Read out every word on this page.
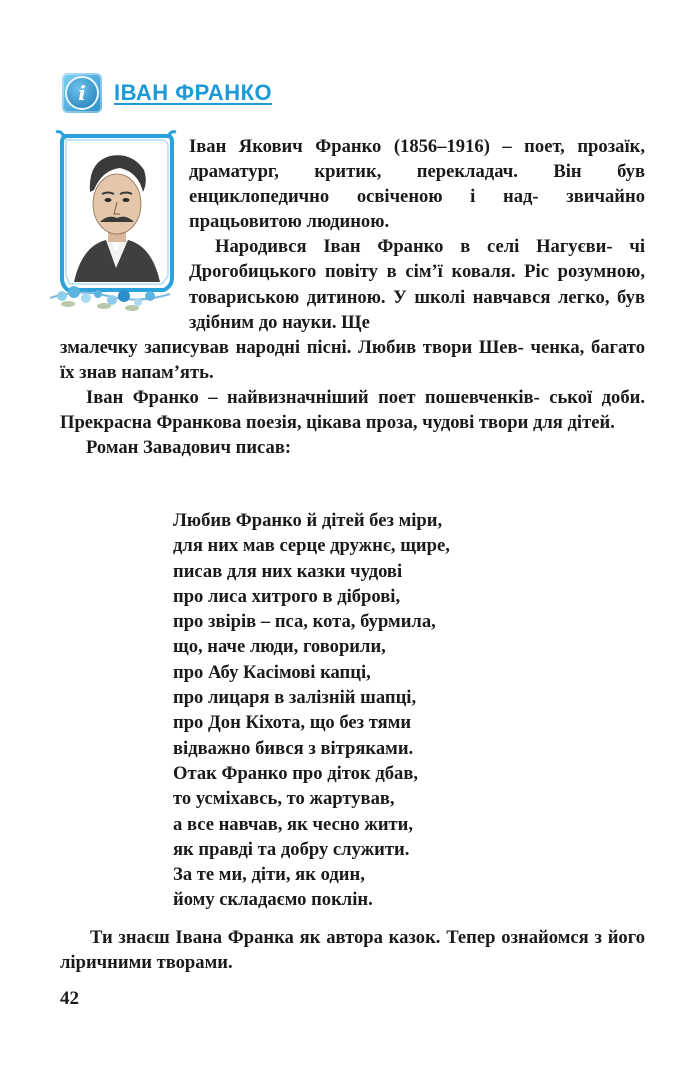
i	ІВАН ФРАНКО

Іван Якович Франко (1856–1916) – поет, прозаїк, драматург, критик, перекладач. Він був енциклопедично освіченою і над- звичайно працьовитою людиною.

Народився Іван Франко в селі Нагуєви- чі Дрогобицького повіту в сім’ї коваля. Ріс розумною, товариською дитиною. У школі навчався легко, був здібним до науки. Ще

змалечку записував народні пісні. Любив твори Шев- ченка, багато їх знав напам’ять.

Іван Франко – найвизначніший поет пошевченків- ської доби. Прекрасна Франкова поезія, цікава проза, чудові твори для дітей.

Роман Завадович писав:

Любив Франко й дітей без міри,
для них мав серце дружнє, щире,
писав для них казки чудові
про лиса хитрого в діброві,
про звірів – пса, кота, бурмила,
що, наче люди, говорили,
про Абу Касімові капці,
про лицаря в залізній шапці,
про Дон Кіхота, що без тями
відважно бився з вітряками.
Отак Франко про діток дбав,
то усміхавсь, то жартував,
а все навчав, як чесно жити,
як правді та добру служити.
За те ми, діти, як один,
йому складаємо поклін.

Ти знаєш Івана Франка як автора казок. Тепер ознайомся з його ліричними творами.

42
